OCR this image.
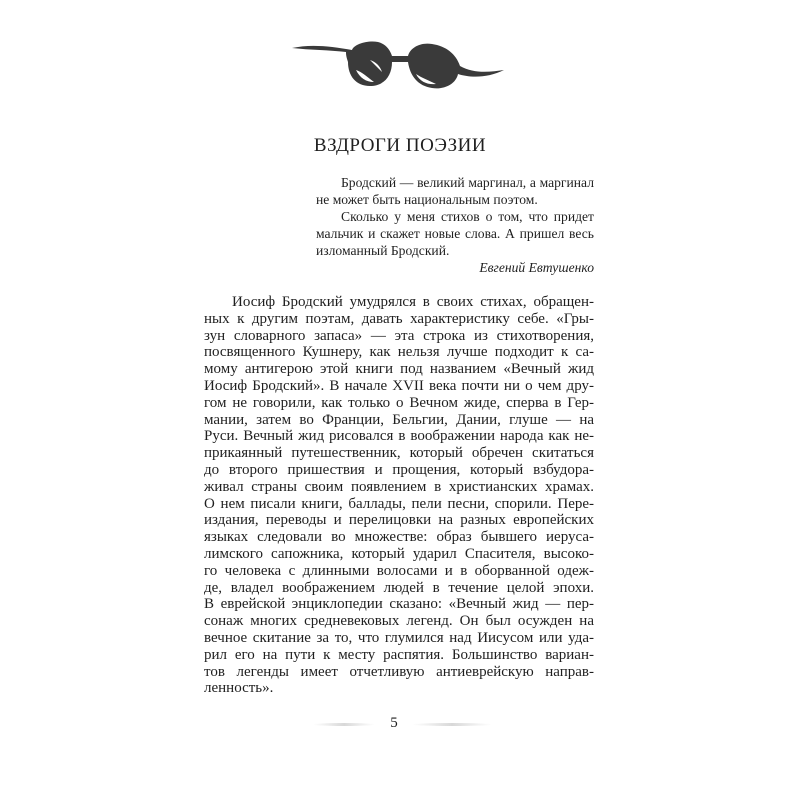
ВЗДРОГИ ПОЭЗИИ
Бродский — великий маргинал, а маргинал
не может быть национальным поэтом.
Сколько у меня стихов о том, что придет
мальчик и скажет новые слова. А пришел весь
изломанный Бродский.
Евгений Евтушенко
Иосиф Бродский умудрялся в своих стихах, обращен-
ных к другим поэтам, давать характеристику себе. «Гры-
зун словарного запаса» — эта строка из стихотворения,
посвященного Кушнеру, как нельзя лучше подходит к са-
мому антигерою этой книги под названием «Вечный жид
Иосиф Бродский». В начале XVII века почти ни о чем дру-
гом не говорили, как только о Вечном жиде, сперва в Гер-
мании, затем во Франции, Бельгии, Дании, глуше — на
Руси. Вечный жид рисовался в воображении народа как не-
прикаянный путешественник, который обречен скитаться
до второго пришествия и прощения, который взбудора-
живал страны своим появлением в христианских храмах.
О нем писали книги, баллады, пели песни, спорили. Пере-
издания, переводы и перелицовки на разных европейских
языках следовали во множестве: образ бывшего иеруса-
лимского сапожника, который ударил Спасителя, высоко-
го человека с длинными волосами и в оборванной одеж-
де, владел воображением людей в течение целой эпохи.
В еврейской энциклопедии сказано: «Вечный жид — пер-
сонаж многих средневековых легенд. Он был осужден на
вечное скитание за то, что глумился над Иисусом или уда-
рил его на пути к месту распятия. Большинство вариан-
тов легенды имеет отчетливую антиеврейскую направ-
ленность».
5
